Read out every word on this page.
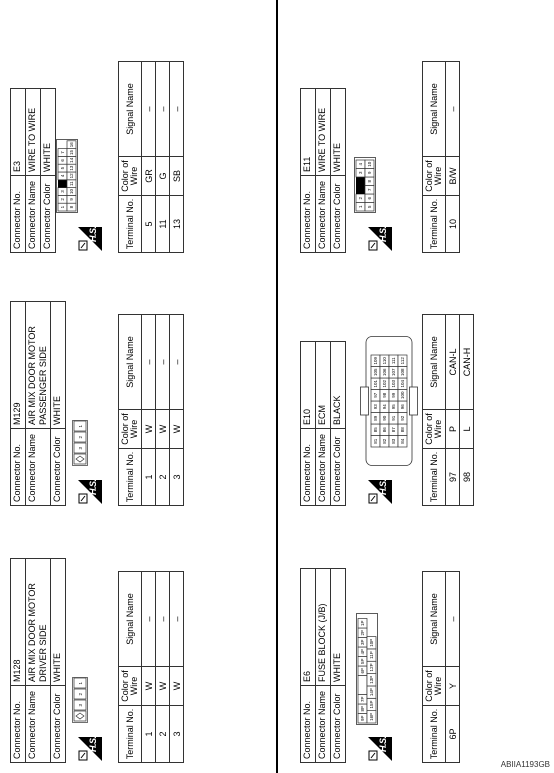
Connector No.	M128
Connector Name	AIR MIX DOOR MOTOR DRIVER SIDE
Connector Color	WHITE
H.S.
3
2
1
Terminal No.	Color of Wire	Signal Name
1	W	–
2	W	–
3	W	–
Connector No.	M129
Connector Name	AIR MIX DOOR MOTOR PASSENGER SIDE
Connector Color	WHITE
H.S.
3
2
1
Terminal No.	Color of Wire	Signal Name
1	W	–
2	W	–
3	W	–
Connector No.	E3
Connector Name	WIRE TO WIRE
Connector Color	WHITE
H.S.
1
2
3
4
5
6
7
8
9
10
11
12
13
14
15
16
Terminal No.	Color of Wire	Signal Name
5	GR	–
11	G	–
13	SB	–
Connector No.	E6
Connector Name	FUSE BLOCK (J/B)
Connector Color	WHITE
H.S.
9P
8P
7P
6P
5P
4P
3P
2P
1P
16P
15P
14P
13P
12P
11P
10P
Terminal No.	Color of Wire	Signal Name
6P	Y	–
Connector No.	E10
Connector Name	ECM
Connector Color	BLACK
H.S.
81
85
89
93
97
101
105
109
82
86
90
94
98
102
106
110
83
87
91
95
99
103
107
111
84
88
92
96
100
104
108
112
Terminal No.	Color of Wire	Signal Name
97	P	CAN-L
98	L	CAN-H
Connector No.	E11
Connector Name	WIRE TO WIRE
Connector Color	WHITE
H.S.
1
2
3
4
5
6
7
8
9
10
Terminal No.	Color of Wire	Signal Name
10	B/W	–
ABIIA1193GB
